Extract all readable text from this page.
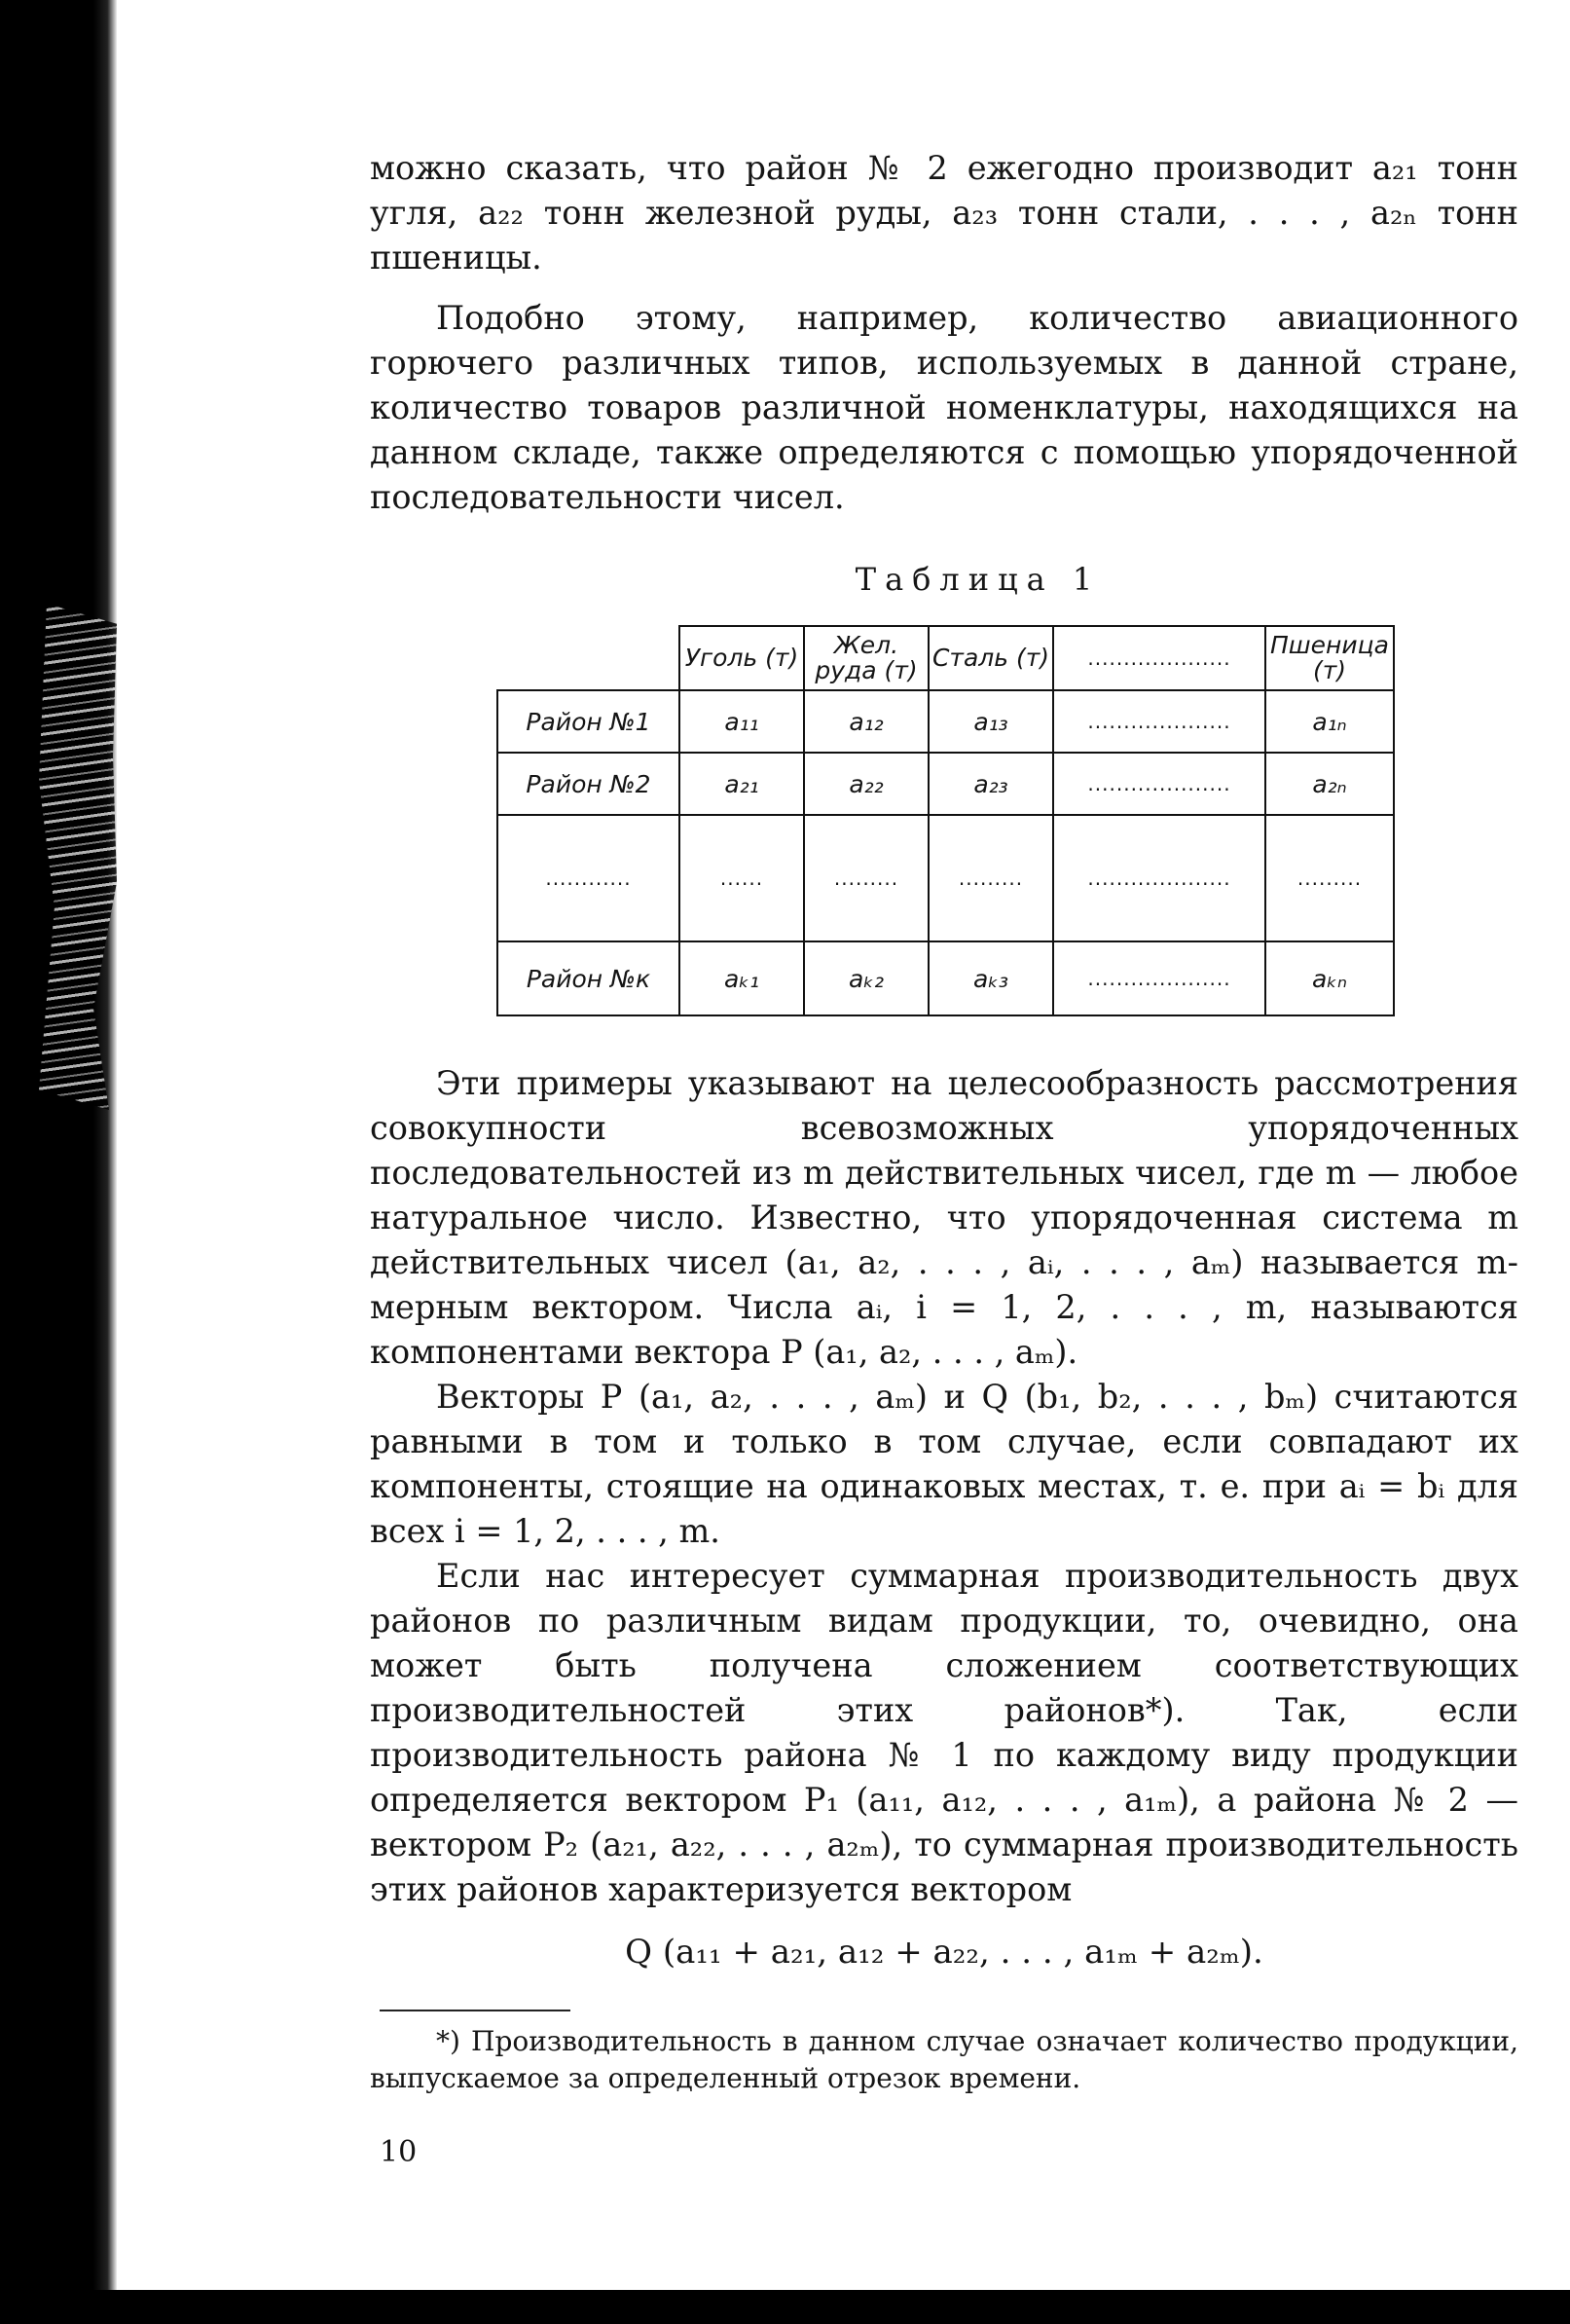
можно сказать, что район № 2 ежегодно производит a₂₁ тонн угля, a₂₂ тонн железной руды, a₂₃ тонн стали, . . . , a₂ₙ тонн пшеницы.

Подобно этому, например, количество авиационного горючего различных типов, используемых в данной стране, количество товаров различной номенклатуры, находящихся на данном складе, также определяются с помощью упорядоченной последовательности чисел.

Таблица 1
	Уголь (т)	Жел. руда (т)	Сталь (т)	....................	Пшеница (т)
Район №1	a₁₁	a₁₂	a₁₃	....................	a₁ₙ
Район №2	a₂₁	a₂₂	a₂₃	....................	a₂ₙ
............	......	.........	.........	....................	.........
Район №к	aₖ₁	aₖ₂	aₖ₃	....................	aₖₙ

Эти примеры указывают на целесообразность рассмотрения совокупности всевозможных упорядоченных последовательностей из m действительных чисел, где m — любое натуральное число. Известно, что упорядоченная система m действительных чисел (a₁, a₂, . . . , aᵢ, . . . , aₘ) называется m-мерным вектором. Числа aᵢ, i = 1, 2, . . . , m, называются компонентами вектора P (a₁, a₂, . . . , aₘ).

Векторы P (a₁, a₂, . . . , aₘ) и Q (b₁, b₂, . . . , bₘ) считаются равными в том и только в том случае, если совпадают их компоненты, стоящие на одинаковых местах, т. е. при aᵢ = bᵢ для всех i = 1, 2, . . . , m.

Если нас интересует суммарная производительность двух районов по различным видам продукции, то, очевидно, она может быть получена сложением соответствующих производительностей этих районов*). Так, если производительность района № 1 по каждому виду продукции определяется вектором P₁ (a₁₁, a₁₂, . . . , a₁ₘ), а района № 2 — вектором P₂ (a₂₁, a₂₂, . . . , a₂ₘ), то суммарная производительность этих районов характеризуется вектором

Q (a₁₁ + a₂₁, a₁₂ + a₂₂, . . . , a₁ₘ + a₂ₘ).

*) Производительность в данном случае означает количество продукции, выпускаемое за определенный отрезок времени.

10
